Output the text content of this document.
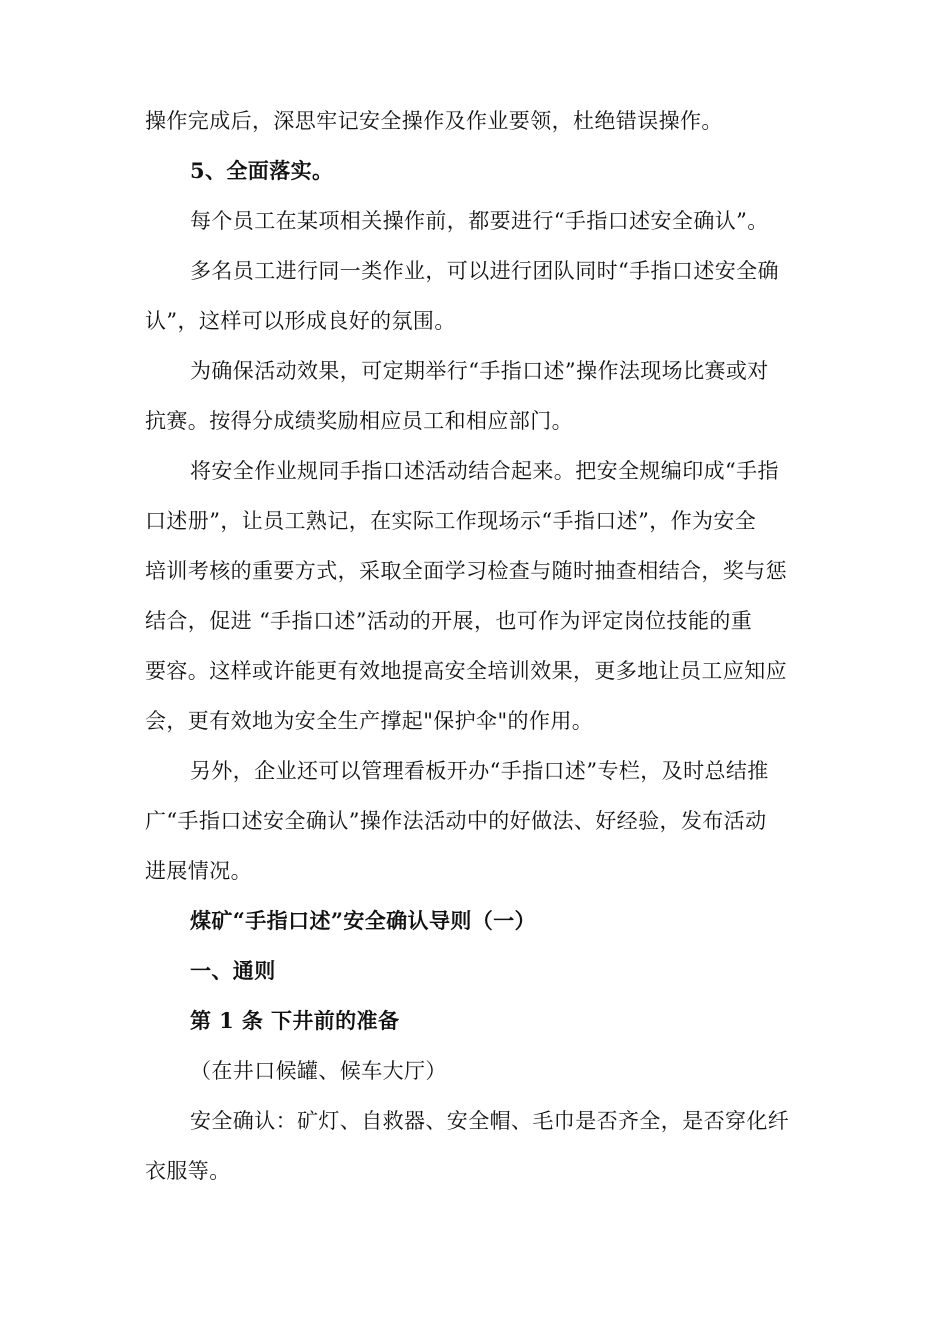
操作完成后，深思牢记安全操作及作业要领，杜绝错误操作。
5、全面落实。
每个员工在某项相关操作前，都要进行“手指口述安全确认”。
多名员工进行同一类作业，可以进行团队同时“手指口述安全确
认”，这样可以形成良好的氛围。
为确保活动效果，可定期举行“手指口述”操作法现场比赛或对
抗赛。按得分成绩奖励相应员工和相应部门。
将安全作业规同手指口述活动结合起来。把安全规编印成“手指
口述册”，让员工熟记，在实际工作现场示“手指口述”，作为安全
培训考核的重要方式，采取全面学习检查与随时抽查相结合，奖与惩
结合，促进 “手指口述”活动的开展，也可作为评定岗位技能的重
要容。这样或许能更有效地提高安全培训效果，更多地让员工应知应
会，更有效地为安全生产撑起"保护伞"的作用。
另外，企业还可以管理看板开办“手指口述”专栏，及时总结推
广“手指口述安全确认”操作法活动中的好做法、好经验，发布活动
进展情况。
煤矿“手指口述”安全确认导则（一）
一、通则
第 1 条 下井前的准备
（在井口候罐、候车大厅）
安全确认：矿灯、自救器、安全帽、毛巾是否齐全，是否穿化纤
衣服等。
